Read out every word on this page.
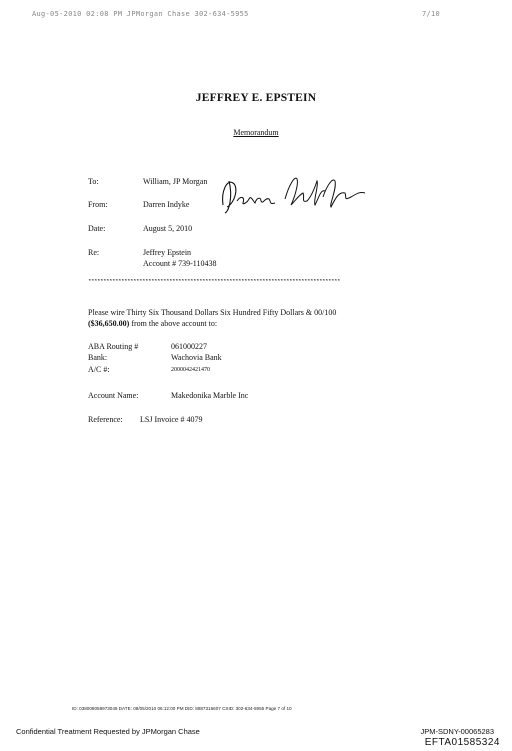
Aug-05-2010 02:08 PM JPMorgan Chase 302-634-5955	7/10
JEFFREY E. EPSTEIN
Memorandum
To:	William, JP Morgan
From:	Darren Indyke
Date:	August 5, 2010
Re:	Jeffrey Epstein
Account # 739-110438
************************************************************************************
Please wire Thirty Six Thousand Dollars Six Hundred Fifty Dollars & 00/100
($36,650.00) from the above account to:
ABA Routing #	061000227
Bank:	Wachovia Bank
A/C #:	2000042421470
Account Name:	Makedonika Marble Inc
Reference: LSJ Invoice # 4079
ID: 038008058973049 DATE: 08/05/2010 06:12:00 PM DID: 8887316607 CSID: 302-634-5955 Page 7 of 10
Confidential Treatment Requested by JPMorgan Chase	JPM-SDNY-00065283
EFTA01585324
